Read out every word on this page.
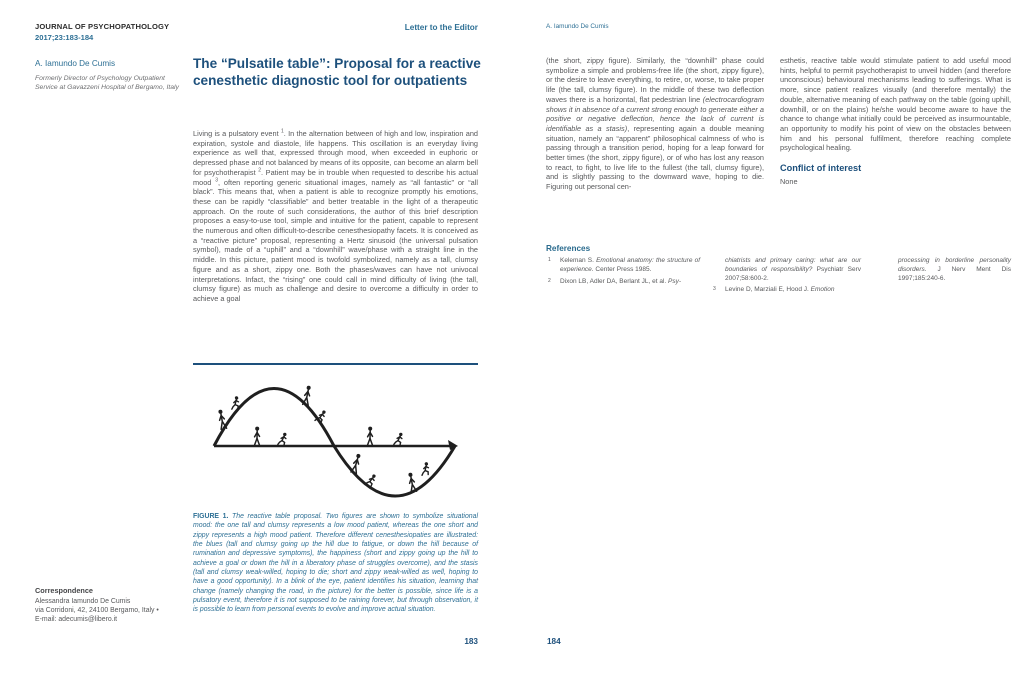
JOURNAL OF PSYCHOPATHOLOGY
2017;23:183-184
Letter to the Editor
A. Iamundo De Cumis
Formerly Director of Psychology Outpatient Service at Gavazzeni Hospital of Bergamo, Italy
The “Pulsatile table”: Proposal for a reactive cenesthetic diagnostic tool for outpatients
Living is a pulsatory event $^1$. In the alternation between of high and low, inspiration and expiration, systole and diastole, life happens. This oscillation is an everyday living experience as well that, expressed through mood, when exceeded in euphoric or depressed phase and not balanced by means of its opposite, can become an alarm bell for psychotherapist $^2$. Patient may be in trouble when requested to describe his actual mood $^3$, often reporting generic situational images, namely as “all fantastic” or “all black”. This means that, when a patient is able to recognize promptly his emotions, these can be rapidly “classifiable” and better treatable in the light of a therapeutic approach. On the route of such considerations, the author of this brief description proposes a easy-to-use tool, simple and intuitive for the patient, capable to represent the numerous and often difficult-to-describe cenesthesiopathy facets. It is conceived as a “reactive picture” proposal, representing a Hertz sinusoid (the universal pulsation symbol), made of a “uphill” and a “downhill” wave/phase with a straight line in the middle. In this picture, patient mood is twofold symbolized, namely as a tall, clumsy figure and as a short, zippy one. Both the phases/waves can have not univocal interpretations. Infact, the “rising” one could call in mind difficulty of living (the tall, clumsy figure) as much as challenge and desire to overcome a difficulty in order to achieve a goal
FIGURE 1. The reactive table proposal. Two figures are shown to symbolize situational mood: the one tall and clumsy represents a low mood patient, whereas the one short and zippy represents a high mood patient. Therefore different cenesthesiopaties are illustrated: the blues (tall and clumsy going up the hill due to fatigue, or down the hill because of rumination and depressive symptoms), the happiness (short and zippy going up the hill to achieve a goal or down the hill in a liberatory phase of struggles overcome), and the stasis (tall and clumsy weak-willed, hoping to die; short and zippy weak-willed as well, hoping to have a good opportunity). In a blink of the eye, patient identifies his situation, learning that change (namely changing the road, in the picture) for the better is possible, since life is a pulsatory event, therefore it is not supposed to be raining forever, but through observation, it is possible to learn from personal events to evolve and improve actual situation.
Correspondence
Alessandra Iamundo De Cumis
via Corridoni, 42, 24100 Bergamo, Italy •
E-mail: adecumis@libero.it
183
A. Iamundo De Cumis
(the short, zippy figure). Similarly, the “downhill” phase could symbolize a simple and problems-free life (the short, zippy figure), or the desire to leave everything, to retire, or, worse, to take proper life (the tall, clumsy figure). In the middle of these two deflection waves there is a horizontal, flat pedestrian line (electrocardiogram shows it in absence of a current strong enough to generate either a positive or negative deflection, hence the lack of current is identifiable as a stasis), representing again a double meaning situation, namely an “apparent” philosophical calmness of who is passing through a transition period, hoping for a leap forward for better times (the short, zippy figure), or of who has lost any reason to react, to fight, to live life to the fullest (the tall, clumsy figure), and is slightly passing to the downward wave, hoping to die. Figuring out personal cen-
esthetis, reactive table would stimulate patient to add useful mood hints, helpful to permit psychotherapist to unveil hidden (and therefore unconscious) behavioural mechanisms leading to sufferings. What is more, since patient realizes visually (and therefore mentally) the double, alternative meaning of each pathway on the table (going uphill, downhill, or on the plains) he/she would become aware to have the chance to change what initially could be perceived as insurmountable, an opportunity to modify his point of view on the obstacles between him and his personal fulfilment, therefore reaching complete psychological healing.
Conflict of interest
None
References
1 Keleman S. Emotional anatomy: the structure of experience. Center Press 1985.
2 Dixon LB, Adler DA, Berlant JL, et al. Psy-
chiatrists and primary caring: what are our boundaries of responsibility? Psychiatr Serv 2007;58:600-2.
3 Levine D, Marziali E, Hood J. Emotion
processing in borderline personality disorders. J Nerv Ment Dis 1997;185:240-6.
184
